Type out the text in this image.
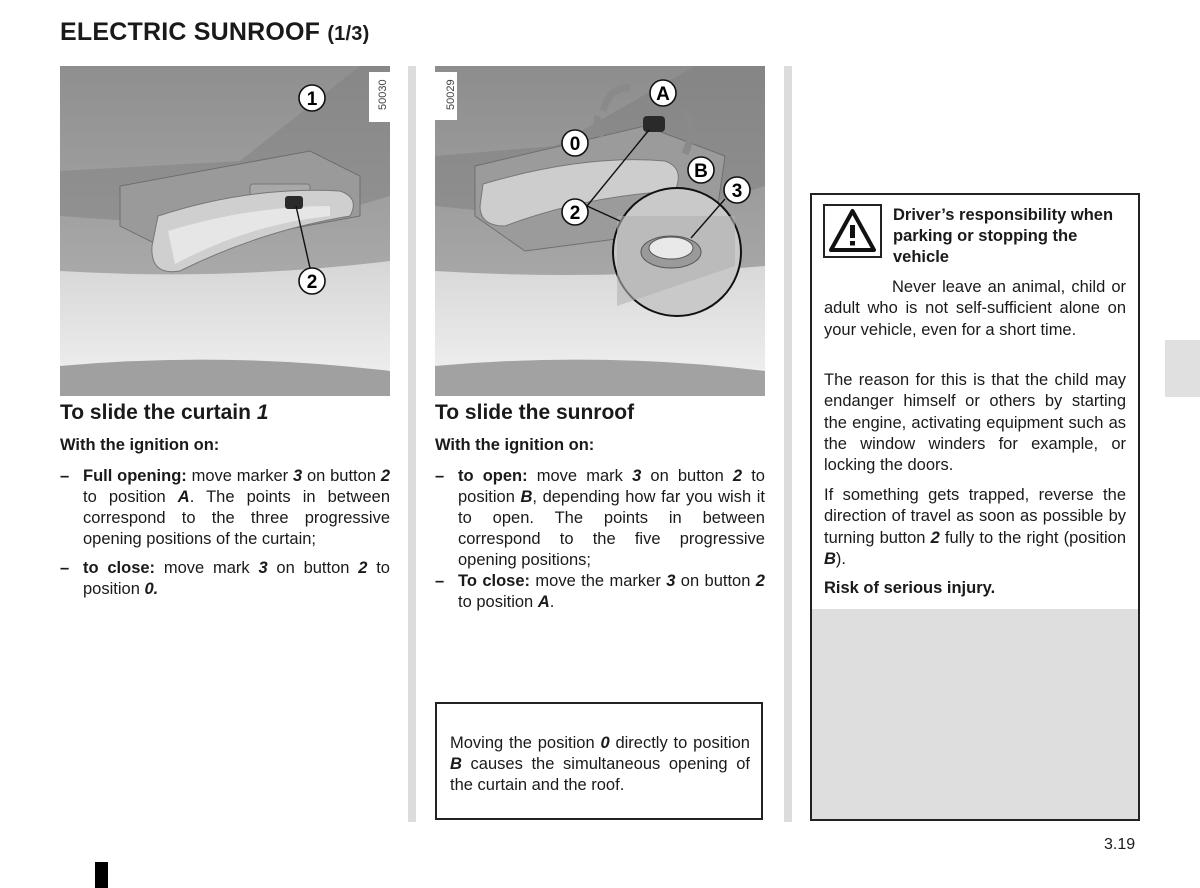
ELECTRIC SUNROOF (1/3)
50030
1
2
50029	A
0
B
2
3
To slide the curtain 1
With the ignition on:
– Full opening: move marker 3 on button 2 to position A. The points in between correspond to the three progressive opening positions of the curtain;
– to close: move mark 3 on button 2 to position 0.
To slide the sunroof
With the ignition on:
– to open: move mark 3 on button 2 to position B, depending how far you wish it to open. The points in between correspond to the five progressive opening positions;
– To close: move the marker 3 on button 2 to position A.
Moving the position 0 directly to position B causes the simultaneous opening of the curtain and the roof.
Driver’s responsibility when parking or stopping the vehicle
Never leave an animal, child or adult who is not self-sufficient alone on your vehicle, even for a short time.
The reason for this is that the child may endanger himself or others by starting the engine, activating equipment such as the window winders for example, or locking the doors.
If something gets trapped, reverse the direction of travel as soon as possible by turning button 2 fully to the right (position B).
Risk of serious injury.
3.19
